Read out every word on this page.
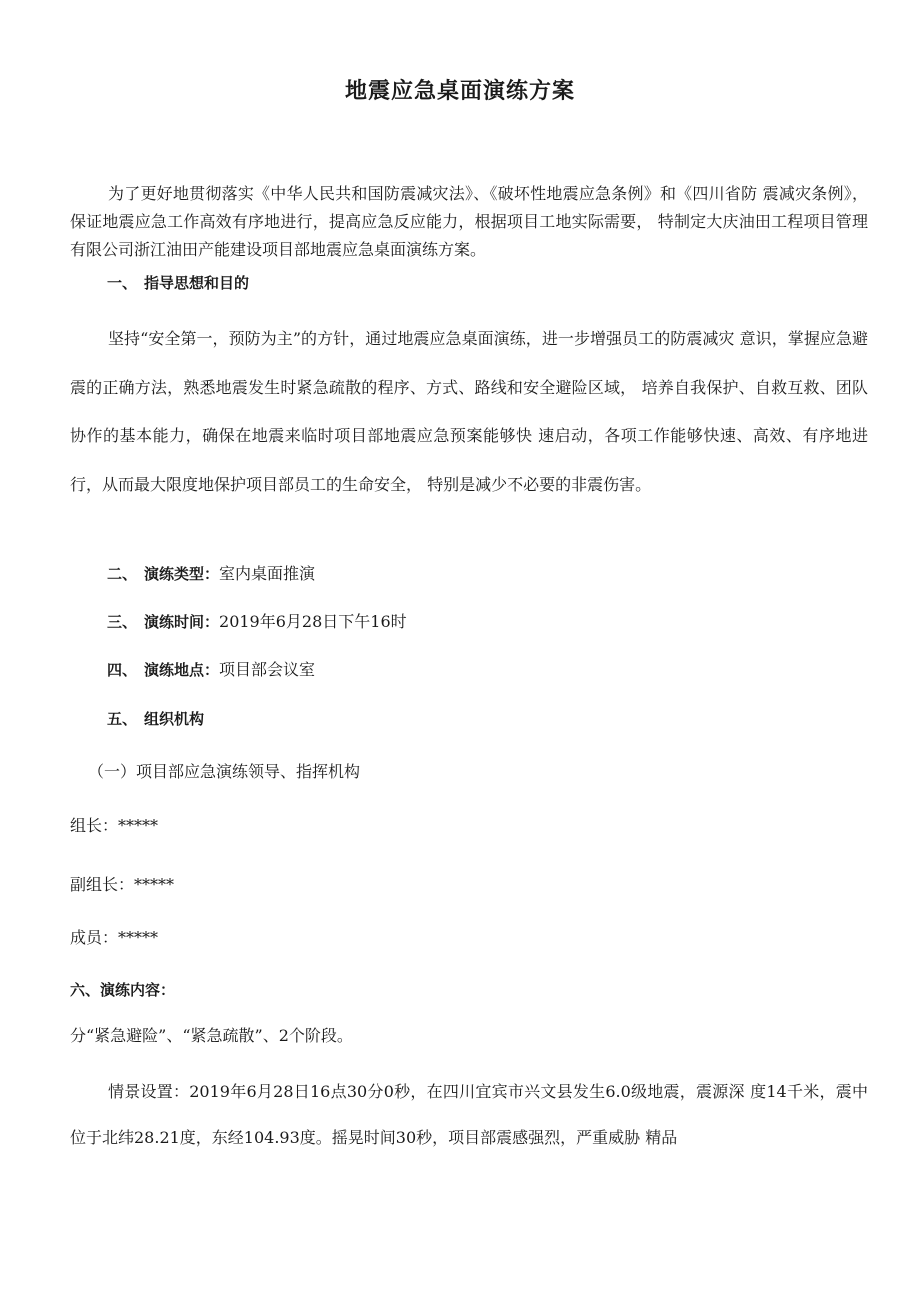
地震应急桌面演练方案
为了更好地贯彻落实《中华人民共和国防震减灾法》、《破坏性地震应急条例》和《四川省防 震减灾条例》，保证地震应急工作高效有序地进行，提高应急反应能力，根据项目工地实际需要， 特制定大庆油田工程项目管理有限公司浙江油田产能建设项目部地震应急桌面演练方案。
一、 指导思想和目的
坚持“安全第一，预防为主”的方针，通过地震应急桌面演练，进一步增强员工的防震减灾 意识，掌握应急避震的正确方法，熟悉地震发生时紧急疏散的程序、方式、路线和安全避险区域， 培养自我保护、自救互救、团队协作的基本能力，确保在地震来临时项目部地震应急预案能够快 速启动，各项工作能够快速、高效、有序地进行，从而最大限度地保护项目部员工的生命安全， 特别是减少不必要的非震伤害。
二、 演练类型：室内桌面推演
三、 演练时间：2019年6月28日下午16时
四、 演练地点：项目部会议室
五、 组织机构
（一）项目部应急演练领导、指挥机构
组长：*****
副组长：*****
成员：*****
六、演练内容：
分“紧急避险”、“紧急疏散”、2个阶段。
情景设置：2019年6月28日16点30分0秒，在四川宜宾市兴文县发生6.0级地震，震源深 度14千米，震中位于北纬28.21度，东经104.93度。摇晃时间30秒，项目部震感强烈，严重威胁 精品
